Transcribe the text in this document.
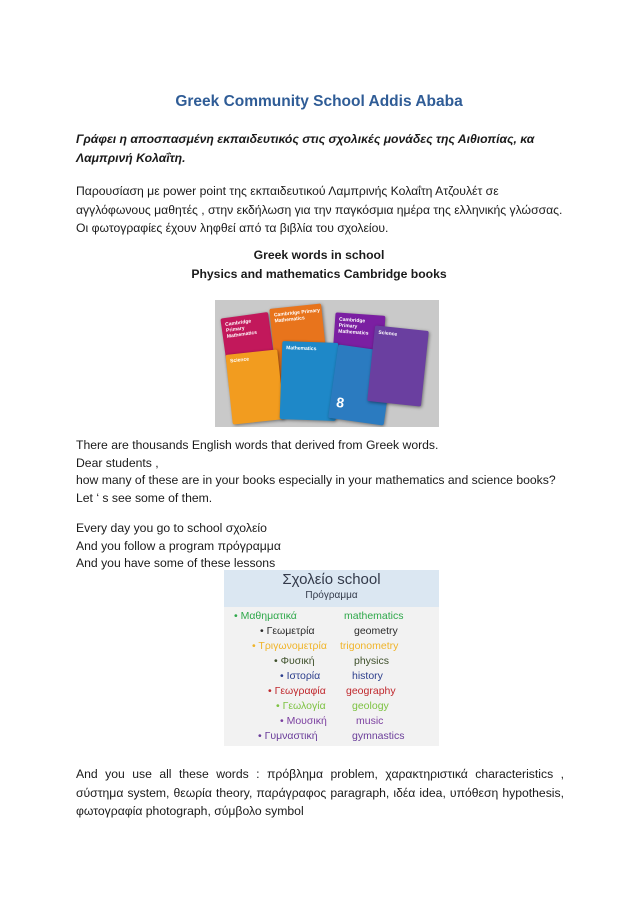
Greek Community School Addis Ababa
Γράφει η αποσπασμένη εκπαιδευτικός στις σχολικές μονάδες της Αιθιοπίας, κα Λαμπρινή Κολαΐτη.
Παρουσίαση με power point της εκπαιδευτικού Λαμπρινής Κολαΐτη Ατζουλέτ σε αγγλόφωνους μαθητές , στην εκδήλωση για την παγκόσμια ημέρα της ελληνικής γλώσσας. Οι φωτογραφίες έχουν ληφθεί από τα βιβλία του σχολείου.
Greek words in school
Physics and mathematics Cambridge books
Cambridge Primary Mathematics
Cambridge Primary Mathematics	Cambridge Primary Mathematics
Science
Mathematics
8
Science
There are thousands English words that derived from Greek words.
Dear students ,
how many of these are in your books especially in your mathematics and science books?
Let ‘ s see some of them.
Every day you go to school σχολείο
And you follow a program πρόγραμμα
And you have some of these lessons
Σχολείο school
Πρόγραμμα
• Μαθηματικά	mathematics
• Γεωμετρία	geometry
• Τριγωνομετρία trigonometry
• Φυσική	physics
• Ιστορία	history
• Γεωγραφία geography
• Γεωλογία	geology
• Μουσική	music
• Γυμναστική	gymnastics
And you use all these words : πρόβλημα problem, χαρακτηριστικά characteristics , σύστημα system, θεωρία theory, παράγραφος paragraph, ιδέα idea, υπόθεση hypothesis, φωτογραφία photograph, σύμβολο symbol
